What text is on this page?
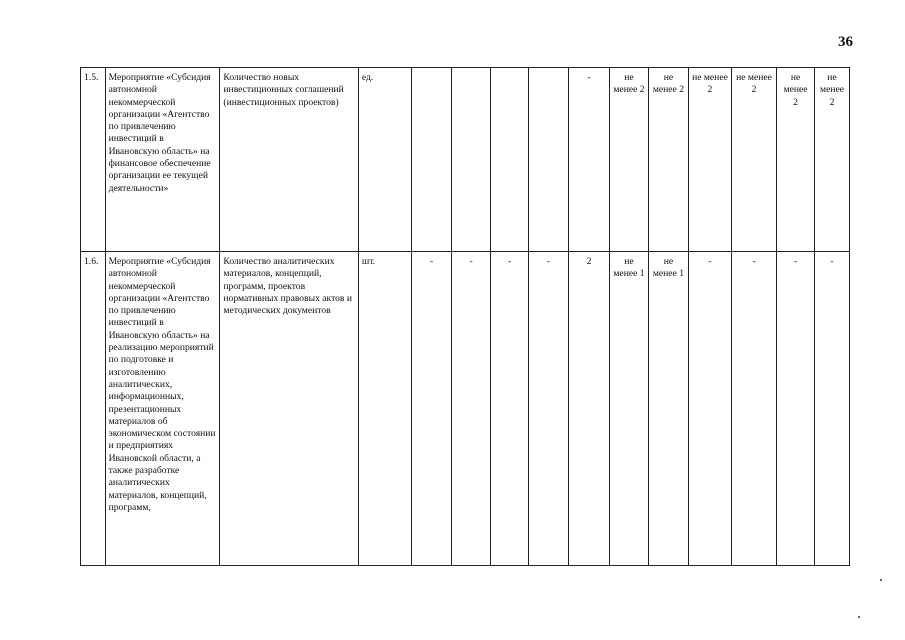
36
1.5.	Мероприятие «Субсидия автономной некоммерческой организации «Агентство по привлечению инвестиций в Ивановскую область» на финансовое обеспечение организации ее текущей деятельности»	Количество новых инвестиционных соглашений (инвестиционных проектов)	ед.					-	не менее 2	не менее 2	не менее 2	не менее 2	не менее 2	не менее 2
1.6.	Мероприятие «Субсидия автономной некоммерческой организации «Агентство по привлечению инвестиций в Ивановскую область» на реализацию мероприятий по подготовке и изготовлению аналитических, информационных, презентационных материалов об экономическом состоянии и предприятиях Ивановской области, а также разработке аналитических материалов, концепций, программ,	Количество аналитических материалов, концепций, программ, проектов нормативных правовых актов и методических документов	шт.	-	-	-	-	2	не менее 1	не менее 1	-	-	-	-
